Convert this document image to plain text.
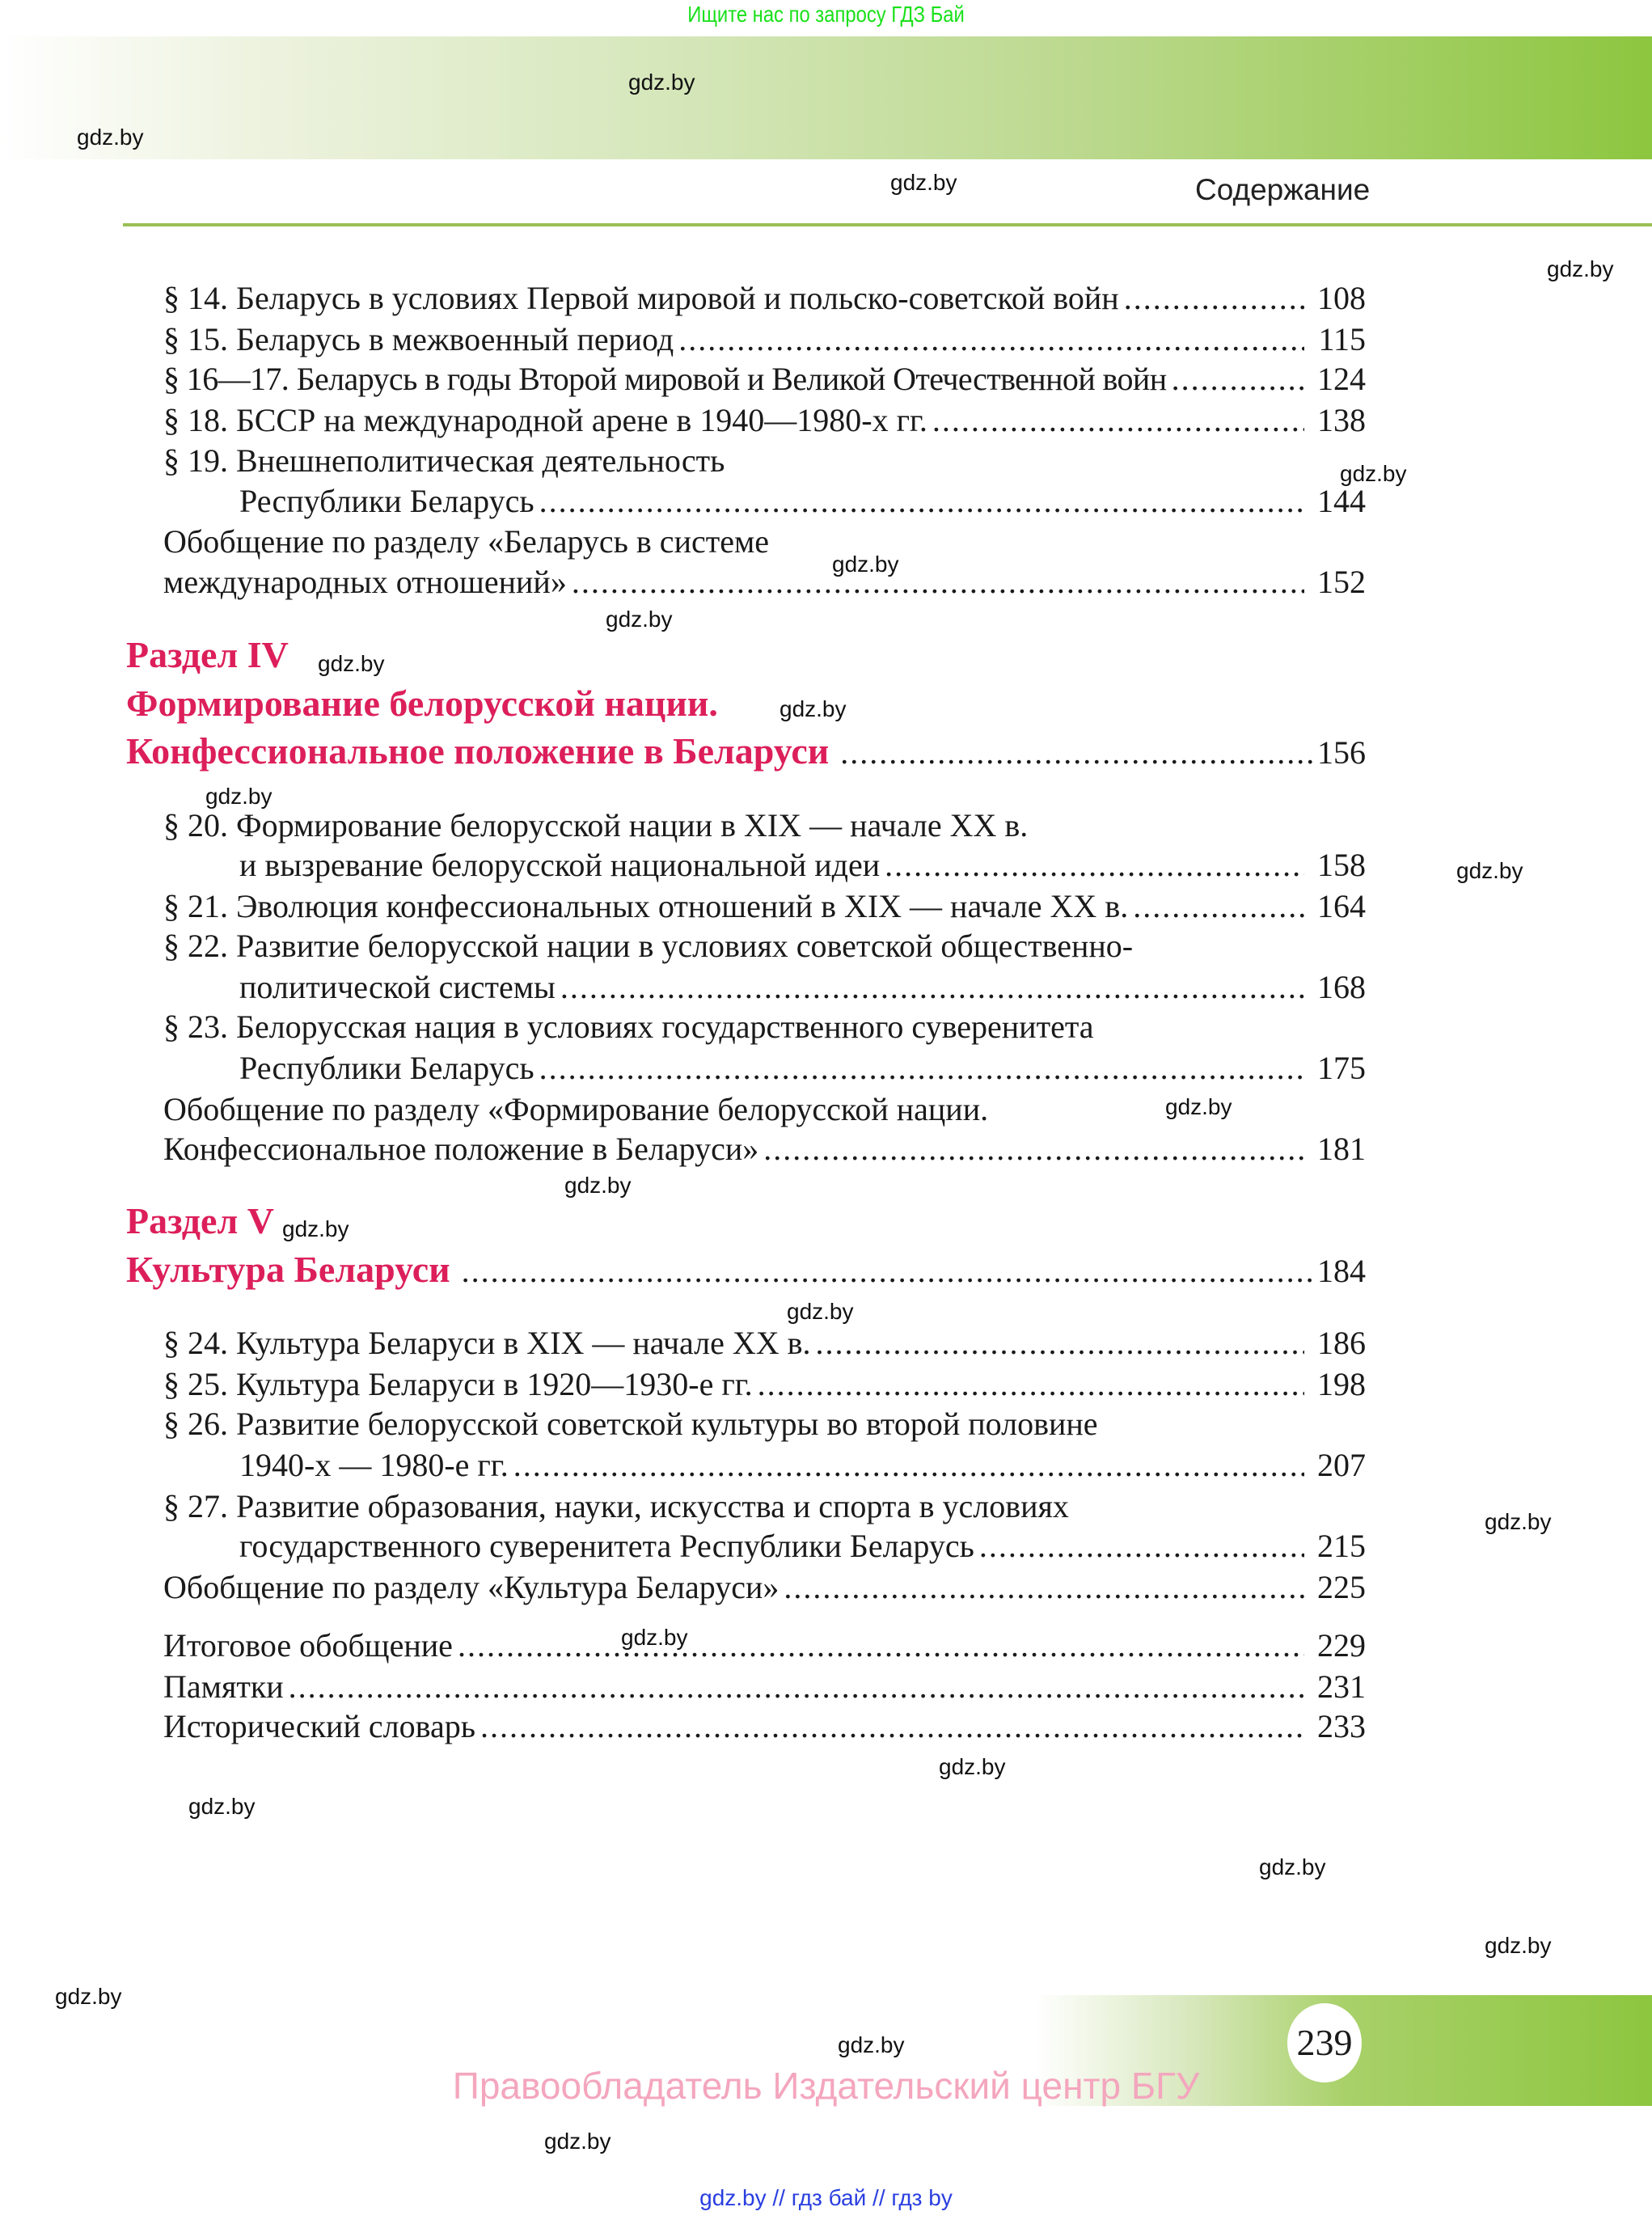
Ищите нас по запросу ГДЗ Бай
Содержание
§ 14. Беларусь в условиях Первой мировой и польско-советской войн .....	108
§ 15. Беларусь в межвоенный период .....	115
§ 16—17. Беларусь в годы Второй мировой и Великой Отечественной войн .....	124
§ 18. БССР на международной арене в 1940—1980-х гг. .....	138
§ 19. Внешнеполитическая деятельность
Республики Беларусь .....	144
Обобщение по разделу «Беларусь в системе
международных отношений» .....	152
Раздел IV
Формирование белорусской нации.
Конфессиональное положение в Беларуси .....	156
§ 20. Формирование белорусской нации в XIX — начале XX в.
и вызревание белорусской национальной идеи .....	158
§ 21. Эволюция конфессиональных отношений в XIX — начале XX в. .....	164
§ 22. Развитие белорусской нации в условиях советской общественно-
политической системы .....	168
§ 23. Белорусская нация в условиях государственного суверенитета
Республики Беларусь .....	175
Обобщение по разделу «Формирование белорусской нации.
Конфессиональное положение в Беларуси» .....	181
Раздел V
Культура Беларуси .....	184
§ 24. Культура Беларуси в XIX — начале XX в. .....	186
§ 25. Культура Беларуси в 1920—1930-е гг. .....	198
§ 26. Развитие белорусской советской культуры во второй половине
1940-х — 1980-е гг. .....	207
§ 27. Развитие образования, науки, искусства и спорта в условиях
государственного суверенитета Республики Беларусь .....	215
Обобщение по разделу «Культура Беларуси» .....	225
Итоговое обобщение .....	229
Памятки .....	231
Исторический словарь .....	233
239
Правообладатель Издательский центр БГУ
gdz.by // гдз бай // гдз by
gdz.by
gdz.by
gdz.by
gdz.by
gdz.by
gdz.by
gdz.by
gdz.by
gdz.by
gdz.by
gdz.by
gdz.by
gdz.by
gdz.by
gdz.by
gdz.by
gdz.by
gdz.by
gdz.by
gdz.by
gdz.by
gdz.by
gdz.by
gdz.by
